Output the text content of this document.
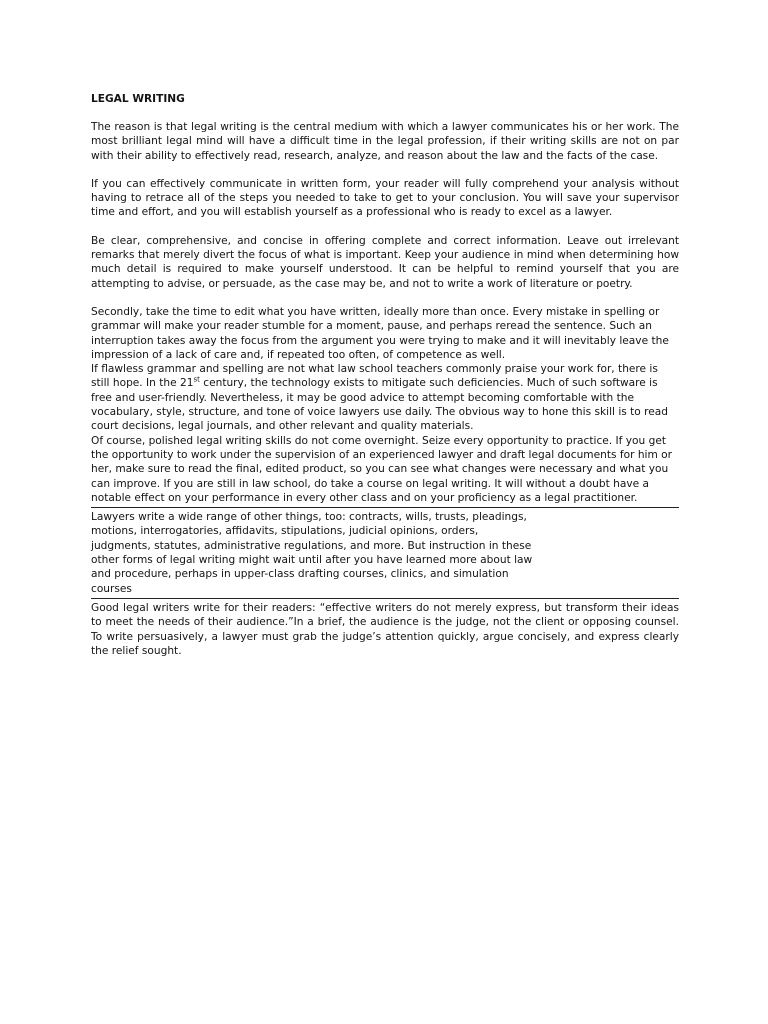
LEGAL WRITING

The reason is that legal writing is the central medium with which a lawyer communicates his or her work. The most brilliant legal mind will have a difficult time in the legal profession, if their writing skills are not on par with their ability to effectively read, research, analyze, and reason about the law and the facts of the case.

If you can effectively communicate in written form, your reader will fully comprehend your analysis without having to retrace all of the steps you needed to take to get to your conclusion. You will save your supervisor time and effort, and you will establish yourself as a professional who is ready to excel as a lawyer.

Be clear, comprehensive, and concise in offering complete and correct information. Leave out irrelevant remarks that merely divert the focus of what is important. Keep your audience in mind when determining how much detail is required to make yourself understood. It can be helpful to remind yourself that you are attempting to advise, or persuade, as the case may be, and not to write a work of literature or poetry.

Secondly, take the time to edit what you have written, ideally more than once. Every mistake in spelling or grammar will make your reader stumble for a moment, pause, and perhaps reread the sentence. Such an interruption takes away the focus from the argument you were trying to make and it will inevitably leave the impression of a lack of care and, if repeated too often, of competence as well.

If flawless grammar and spelling are not what law school teachers commonly praise your work for, there is still hope. In the 21st century, the technology exists to mitigate such deficiencies. Much of such software is free and user-friendly. Nevertheless, it may be good advice to attempt becoming comfortable with the vocabulary, style, structure, and tone of voice lawyers use daily. The obvious way to hone this skill is to read court decisions, legal journals, and other relevant and quality materials.

Of course, polished legal writing skills do not come overnight. Seize every opportunity to practice. If you get the opportunity to work under the supervision of an experienced lawyer and draft legal documents for him or her, make sure to read the final, edited product, so you can see what changes were necessary and what you can improve. If you are still in law school, do take a course on legal writing. It will without a doubt have a notable effect on your performance in every other class and on your proficiency as a legal practitioner.

Lawyers write a wide range of other things, too: contracts, wills, trusts, pleadings,
motions, interrogatories, affidavits, stipulations, judicial opinions, orders,
judgments, statutes, administrative regulations, and more. But instruction in these
other forms of legal writing might wait until after you have learned more about law
and procedure, perhaps in upper-class drafting courses, clinics, and simulation
courses

Good legal writers write for their readers: “effective writers do not merely express, but transform their ideas to meet the needs of their audience.”In a brief, the audience is the judge, not the client or opposing counsel. To write persuasively, a lawyer must grab the judge’s attention quickly, argue concisely, and express clearly the relief sought.
